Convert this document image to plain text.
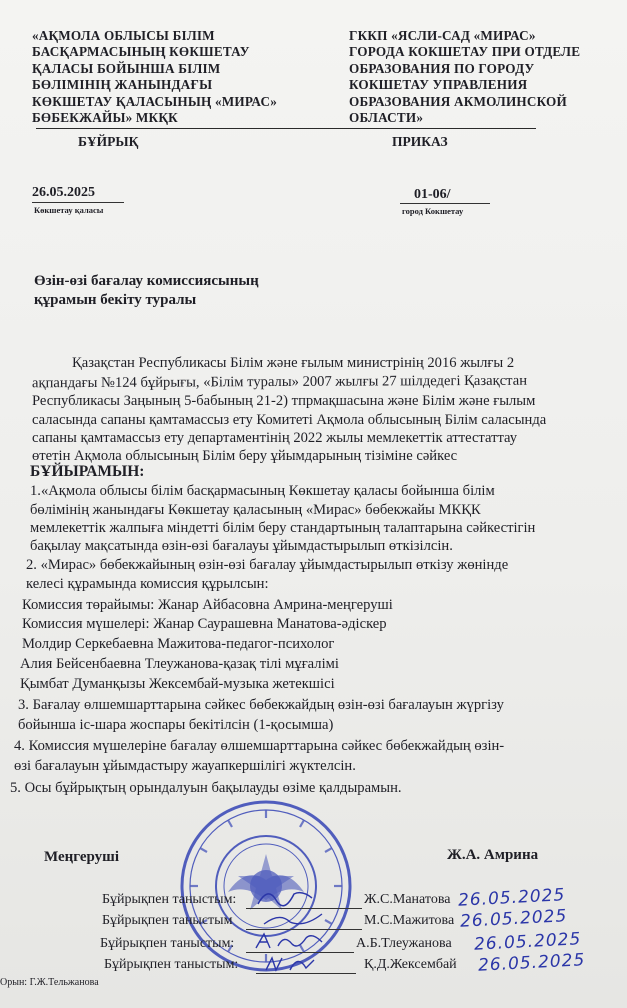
«АҚМОЛА ОБЛЫСЫ БІЛІМ
БАСҚАРМАСЫНЫҢ КӨКШЕТАУ
ҚАЛАСЫ БОЙЫНША БІЛІМ
БӨЛІМІНІҢ ЖАНЫНДАҒЫ
КӨКШЕТАУ ҚАЛАСЫНЫҢ «МИРАС»
БӨБЕКЖАЙЫ» МКҚК
ГККП «ЯСЛИ-САД «МИРАС»
ГОРОДА КОКШЕТАУ ПРИ ОТДЕЛЕ
ОБРАЗОВАНИЯ ПО ГОРОДУ
КОКШЕТАУ УПРАВЛЕНИЯ
ОБРАЗОВАНИЯ АКМОЛИНСКОЙ
ОБЛАСТИ»
БҰЙРЫҚ	ПРИКАЗ
26.05.2025
Көкшетау қаласы
01-06/
город Кокшетау
Өзін-өзі бағалау комиссиясының
құрамын бекіту туралы
Қазақстан Республикасы Білім және ғылым министрінің 2016 жылғы 2
ақпандағы №124 бұйрығы, «Білім туралы» 2007 жылғы 27 шілдедегі Қазақстан
Республикасы Заңының 5-бабының 21-2) тпрмақшасына және Білім және ғылым
саласында сапаны қамтамассыз ету Комитеті Ақмола облысының Білім саласында
сапаны қамтамассыз ету департаментінің 2022 жылы мемлекеттік аттестаттау
өтетін Ақмола облысының Білім беру ұйымдарының тізіміне сәйкес
БҰЙЫРАМЫН:
1.«Ақмола облысы білім басқармасының Көкшетау қаласы бойынша білім
бөлімінің жанындағы Көкшетау қаласының «Мирас» бөбекжайы МКҚК
мемлекеттік жалпыға міндетті білім беру стандартының талаптарына сәйкестігін
бақылау мақсатында өзін-өзі бағалауы ұйымдастырылып өткізілсін.
2. «Мирас» бөбекжайының өзін-өзі бағалау ұйымдастырылып өткізу жөнінде
келесі құрамында комиссия құрылсын:
Комиссия төрайымы: Жанар Айбасовна Амрина-меңгеруші
Комиссия мүшелері: Жанар Саурашевна Манатова-әдіскер
Молдир Серкебаевна Мажитова-педагог-психолог
Алия Бейсенбаевна Тлеужанова-қазақ тілі мұғалімі
Қымбат Думанқызы Жексембай-музыка жетекшісі
3. Бағалау өлшемшарттарына сәйкес бөбекжайдың өзін-өзі бағалауын жүргізу
бойынша іс-шара жоспары бекітілсін (1-қосымша)
4. Комиссия мүшелеріне бағалау өлшемшарттарына сәйкес бөбекжайдың өзін-
өзі бағалауын ұйымдастыру жауапкершілігі жүктелсін.
5. Осы бұйрықтың орындалуын бақылауды өзіме қалдырамын.
Меңгеруші	Ж.А. Амрина
Бұйрықпен таныстым:	Ж.С.Манатова 26.05.2025
Бұйрықпен таныстым	М.С.Мажитова 26.05.2025
Бұйрықпен таныстым:	А.Б.Тлеужанова 26.05.2025
Бұйрықпен таныстым:	Қ.Д.Жексембай 26.05.2025
Орын: Г.Ж.Тельжанова
